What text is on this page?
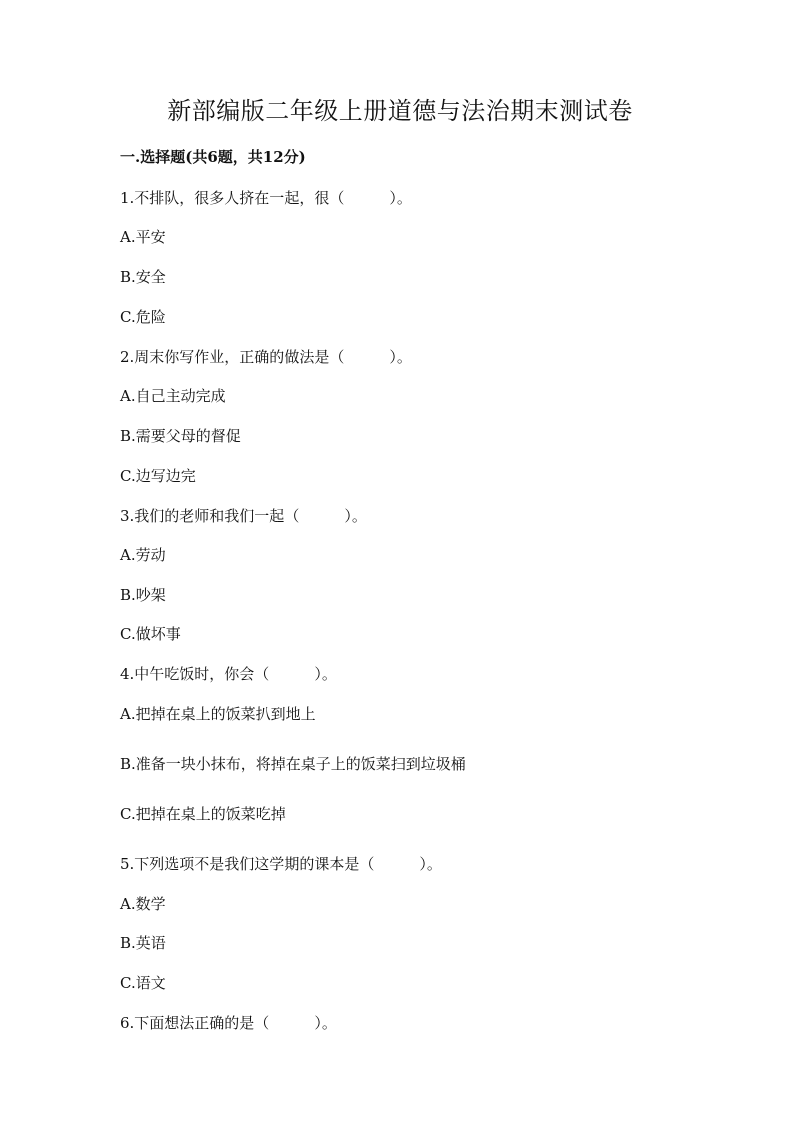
新部编版二年级上册道德与法治期末测试卷
一.选择题(共6题，共12分)
1.不排队，很多人挤在一起，很（　　　）。
A.平安
B.安全
C.危险
2.周末你写作业，正确的做法是（　　　）。
A.自己主动完成
B.需要父母的督促
C.边写边完
3.我们的老师和我们一起（　　　）。
A.劳动
B.吵架
C.做坏事
4.中午吃饭时，你会（　　　）。
A.把掉在桌上的饭菜扒到地上
B.准备一块小抹布，将掉在桌子上的饭菜扫到垃圾桶
C.把掉在桌上的饭菜吃掉
5.下列选项不是我们这学期的课本是（　　　）。
A.数学
B.英语
C.语文
6.下面想法正确的是（　　　）。
